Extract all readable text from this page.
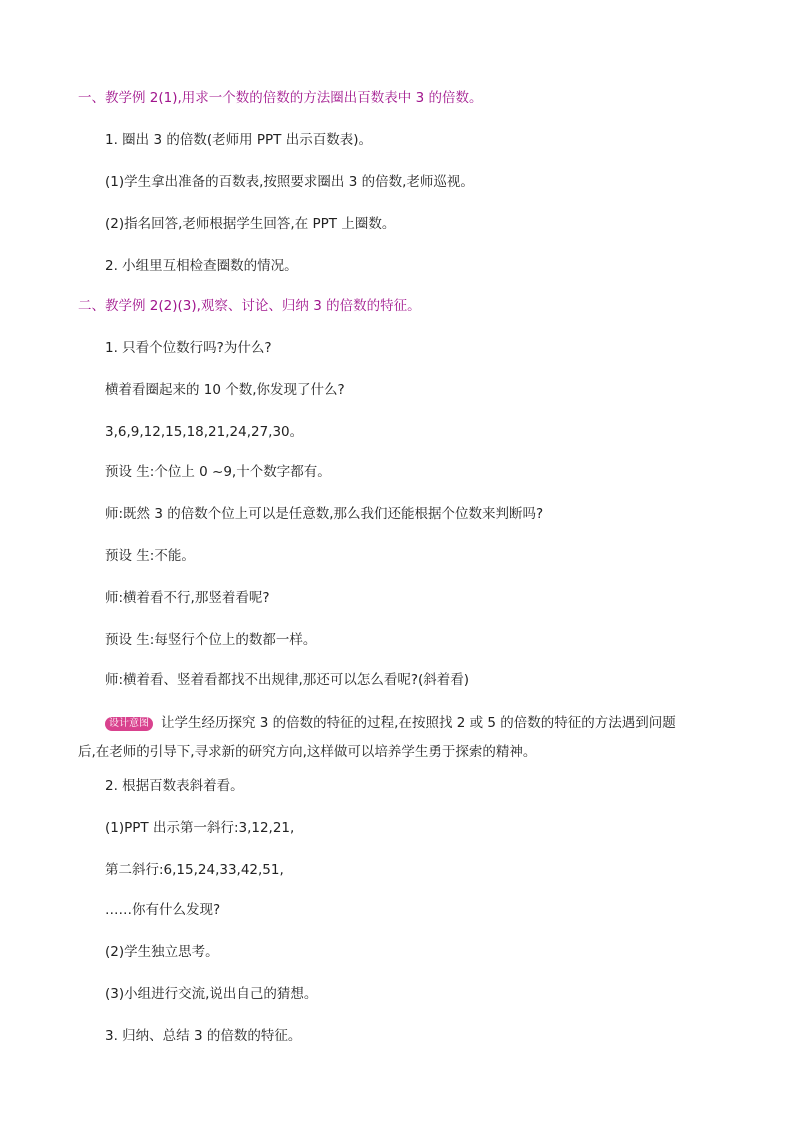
一、教学例 2(1),用求一个数的倍数的方法圈出百数表中 3 的倍数。
1. 圈出 3 的倍数(老师用 PPT 出示百数表)。
(1)学生拿出准备的百数表,按照要求圈出 3 的倍数,老师巡视。
(2)指名回答,老师根据学生回答,在 PPT 上圈数。
2. 小组里互相检查圈数的情况。
二、教学例 2(2)(3),观察、讨论、归纳 3 的倍数的特征。
1. 只看个位数行吗?为什么?
横着看圈起来的 10 个数,你发现了什么?
3,6,9,12,15,18,21,24,27,30。
预设 生:个位上 0 ~9,十个数字都有。
师:既然 3 的倍数个位上可以是任意数,那么我们还能根据个位数来判断吗?
预设 生:不能。
师:横着看不行,那竖着看呢?
预设 生:每竖行个位上的数都一样。
师:横着看、竖着看都找不出规律,那还可以怎么看呢?(斜着看)
设计意图 让学生经历探究 3 的倍数的特征的过程,在按照找 2 或 5 的倍数的特征的方法遇到问题
后,在老师的引导下,寻求新的研究方向,这样做可以培养学生勇于探索的精神。
2. 根据百数表斜着看。
(1)PPT 出示第一斜行:3,12,21,
第二斜行:6,15,24,33,42,51,
……你有什么发现?
(2)学生独立思考。
(3)小组进行交流,说出自己的猜想。
3. 归纳、总结 3 的倍数的特征。
